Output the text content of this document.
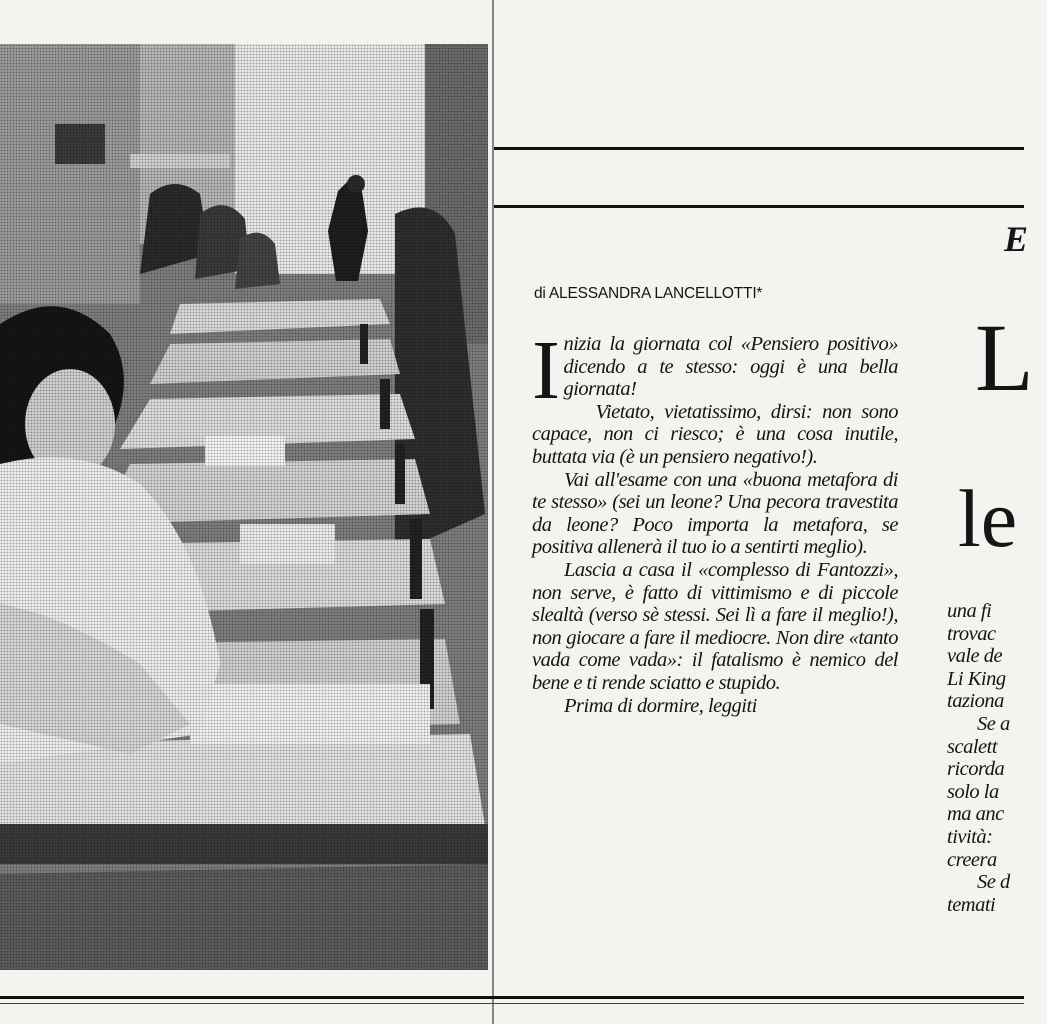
di ALESSANDRA LANCELLOTTI*

Inizia la giornata col «Pensiero positivo» dicendo a te stesso: oggi è una bella giornata!

Vietato, vietatissimo, dirsi: non sono capace, non ci riesco; è una cosa inutile, buttata via (è un pensiero negativo!).

Vai all'esame con una «buona metafora di te stesso» (sei un leone? Una pecora travestita da leone? Poco importa la metafora, se positiva allenerà il tuo io a sentirti meglio).

Lascia a casa il «complesso di Fantozzi», non serve, è fatto di vittimismo e di piccole slealtà (verso sè stessi. Sei lì a fare il meglio!), non giocare a fare il mediocre. Non dire «tanto vada come vada»: il fatalismo è nemico del bene e ti rende sciatto e stupido.

Prima di dormire, leggiti

E
L
le
una fi
trovac
vale de
Li King
taziona
Se a
scalett
ricorda
solo la
ma anc
tività:
creera
Se d
temati
